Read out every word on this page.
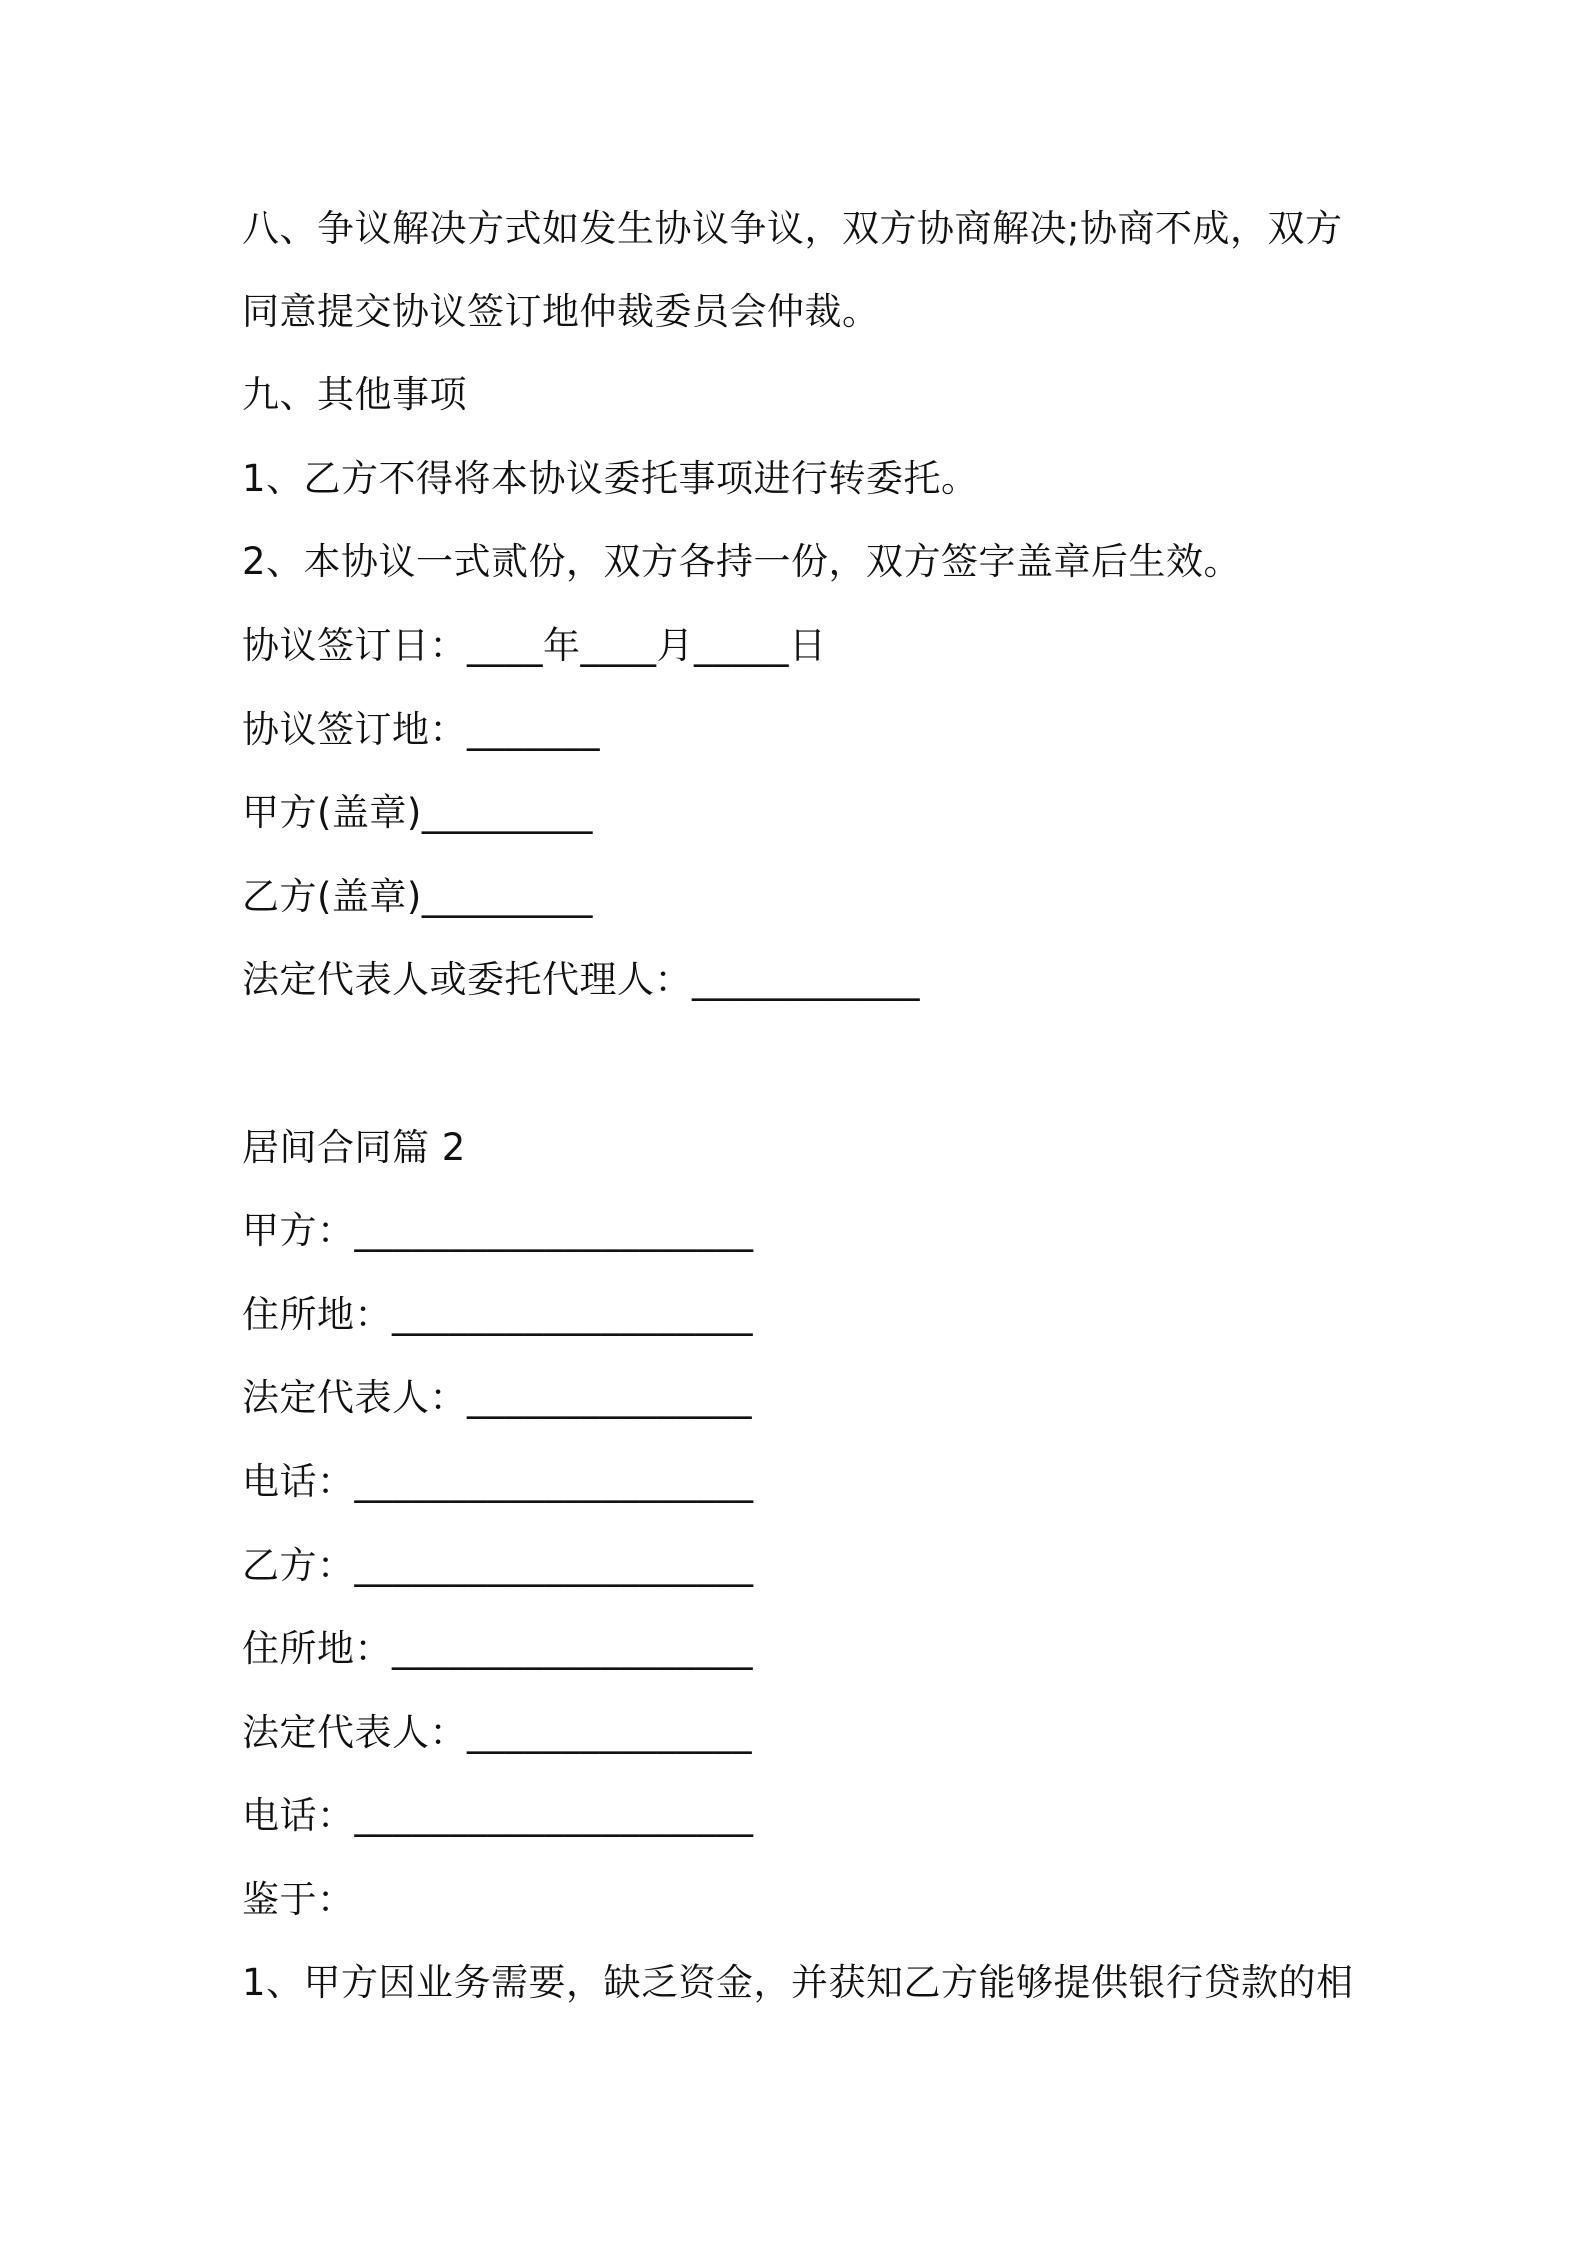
八、争议解决方式如发生协议争议，双方协商解决;协商不成，双方

同意提交协议签订地仲裁委员会仲裁。

九、其他事项

1、乙方不得将本协议委托事项进行转委托。

2、本协议一式贰份，双方各持一份，双方签字盖章后生效。

协议签订日：____年____月_____日

协议签订地：_______

甲方(盖章)_________

乙方(盖章)_________

法定代表人或委托代理人：____________

居间合同篇 2

甲方：_____________________

住所地：___________________

法定代表人：_______________

电话：_____________________

乙方：_____________________

住所地：___________________

法定代表人：_______________

电话：_____________________

鉴于：

1、甲方因业务需要，缺乏资金，并获知乙方能够提供银行贷款的相
